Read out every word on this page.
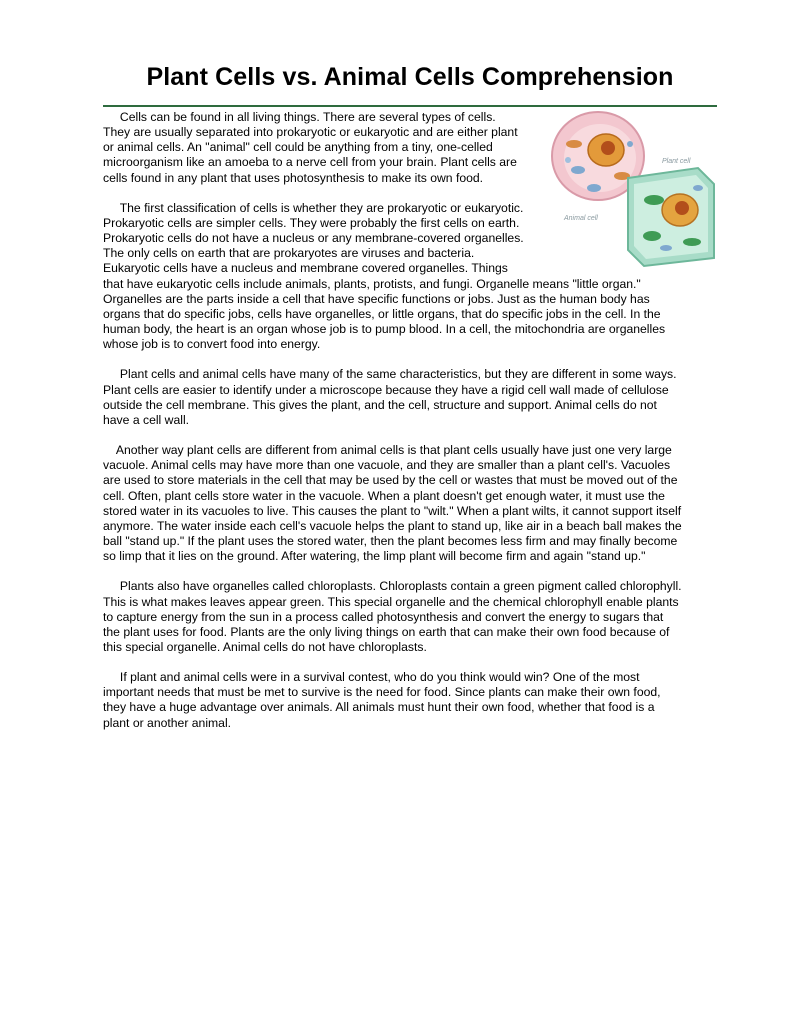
Plant Cells vs. Animal Cells Comprehension
Plant cell
Animal cell
Cells can be found in all living things. There are several types of cells.
They are usually separated into prokaryotic or eukaryotic and are either plant
or animal cells. An "animal" cell could be anything from a tiny, one-celled
microorganism like an amoeba to a nerve cell from your brain. Plant cells are
cells found in any plant that uses photosynthesis to make its own food.
The first classification of cells is whether they are prokaryotic or eukaryotic.
Prokaryotic cells are simpler cells. They were probably the first cells on earth.
Prokaryotic cells do not have a nucleus or any membrane-covered organelles.
The only cells on earth that are prokaryotes are viruses and bacteria.
Eukaryotic cells have a nucleus and membrane covered organelles. Things
that have eukaryotic cells include animals, plants, protists, and fungi. Organelle means "little organ."
Organelles are the parts inside a cell that have specific functions or jobs. Just as the human body has
organs that do specific jobs, cells have organelles, or little organs, that do specific jobs in the cell. In the
human body, the heart is an organ whose job is to pump blood. In a cell, the mitochondria are organelles
whose job is to convert food into energy.
Plant cells and animal cells have many of the same characteristics, but they are different in some ways.
Plant cells are easier to identify under a microscope because they have a rigid cell wall made of cellulose
outside the cell membrane. This gives the plant, and the cell, structure and support. Animal cells do not
have a cell wall.
Another way plant cells are different from animal cells is that plant cells usually have just one very large
vacuole. Animal cells may have more than one vacuole, and they are smaller than a plant cell's. Vacuoles
are used to store materials in the cell that may be used by the cell or wastes that must be moved out of the
cell. Often, plant cells store water in the vacuole. When a plant doesn't get enough water, it must use the
stored water in its vacuoles to live. This causes the plant to "wilt." When a plant wilts, it cannot support itself
anymore. The water inside each cell's vacuole helps the plant to stand up, like air in a beach ball makes the
ball "stand up." If the plant uses the stored water, then the plant becomes less firm and may finally become
so limp that it lies on the ground. After watering, the limp plant will become firm and again "stand up."
Plants also have organelles called chloroplasts. Chloroplasts contain a green pigment called chlorophyll.
This is what makes leaves appear green. This special organelle and the chemical chlorophyll enable plants
to capture energy from the sun in a process called photosynthesis and convert the energy to sugars that
the plant uses for food. Plants are the only living things on earth that can make their own food because of
this special organelle. Animal cells do not have chloroplasts.
If plant and animal cells were in a survival contest, who do you think would win? One of the most
important needs that must be met to survive is the need for food. Since plants can make their own food,
they have a huge advantage over animals. All animals must hunt their own food, whether that food is a
plant or another animal.
